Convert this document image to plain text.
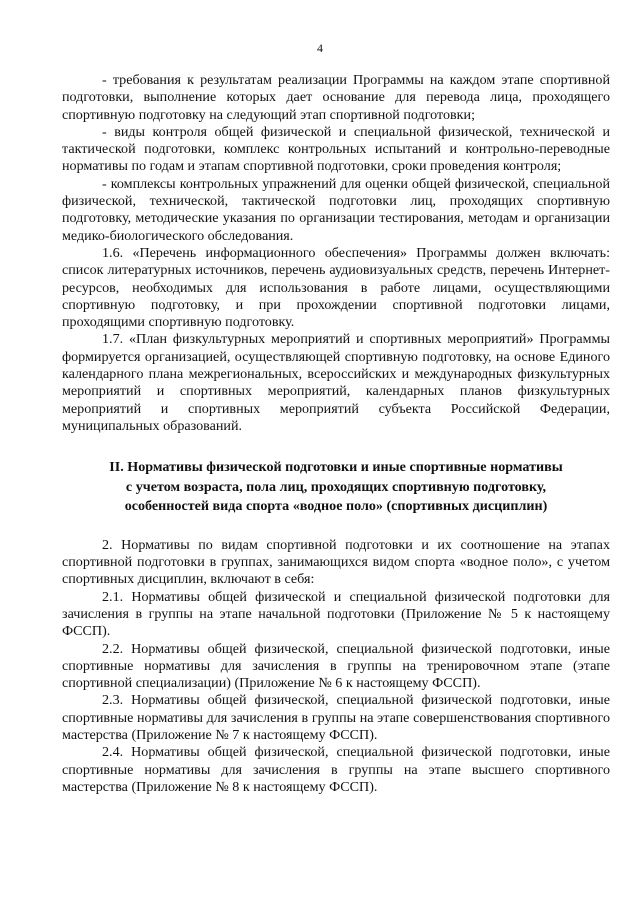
4

- требования к результатам реализации Программы на каждом этапе спортивной подготовки, выполнение которых дает основание для перевода лица, проходящего спортивную подготовку на следующий этап спортивной подготовки;

- виды контроля общей физической и специальной физической, технической и тактической подготовки, комплекс контрольных испытаний и контрольно-переводные нормативы по годам и этапам спортивной подготовки, сроки проведения контроля;

- комплексы контрольных упражнений для оценки общей физической, специальной физической, технической, тактической подготовки лиц, проходящих спортивную подготовку, методические указания по организации тестирования, методам и организации медико-биологического обследования.

1.6. «Перечень информационного обеспечения» Программы должен включать: список литературных источников, перечень аудиовизуальных средств, перечень Интернет-ресурсов, необходимых для использования в работе лицами, осуществляющими спортивную подготовку, и при прохождении спортивной подготовки лицами, проходящими спортивную подготовку.

1.7. «План физкультурных мероприятий и спортивных мероприятий» Программы формируется организацией, осуществляющей спортивную подготовку, на основе Единого календарного плана межрегиональных, всероссийских и международных физкультурных мероприятий и спортивных мероприятий, календарных планов физкультурных мероприятий и спортивных мероприятий субъекта Российской Федерации, муниципальных образований.

II. Нормативы физической подготовки и иные спортивные нормативы
с учетом возраста, пола лиц, проходящих спортивную подготовку,
особенностей вида спорта «водное поло» (спортивных дисциплин)

2. Нормативы по видам спортивной подготовки и их соотношение на этапах спортивной подготовки в группах, занимающихся видом спорта «водное поло», с учетом спортивных дисциплин, включают в себя:

2.1. Нормативы общей физической и специальной физической подготовки для зачисления в группы на этапе начальной подготовки (Приложение № 5 к настоящему ФССП).

2.2. Нормативы общей физической, специальной физической подготовки, иные спортивные нормативы для зачисления в группы на тренировочном этапе (этапе спортивной специализации) (Приложение № 6 к настоящему ФССП).

2.3. Нормативы общей физической, специальной физической подготовки, иные спортивные нормативы для зачисления в группы на этапе совершенствования спортивного мастерства (Приложение № 7 к настоящему ФССП).

2.4. Нормативы общей физической, специальной физической подготовки, иные спортивные нормативы для зачисления в группы на этапе высшего спортивного мастерства (Приложение № 8 к настоящему ФССП).
